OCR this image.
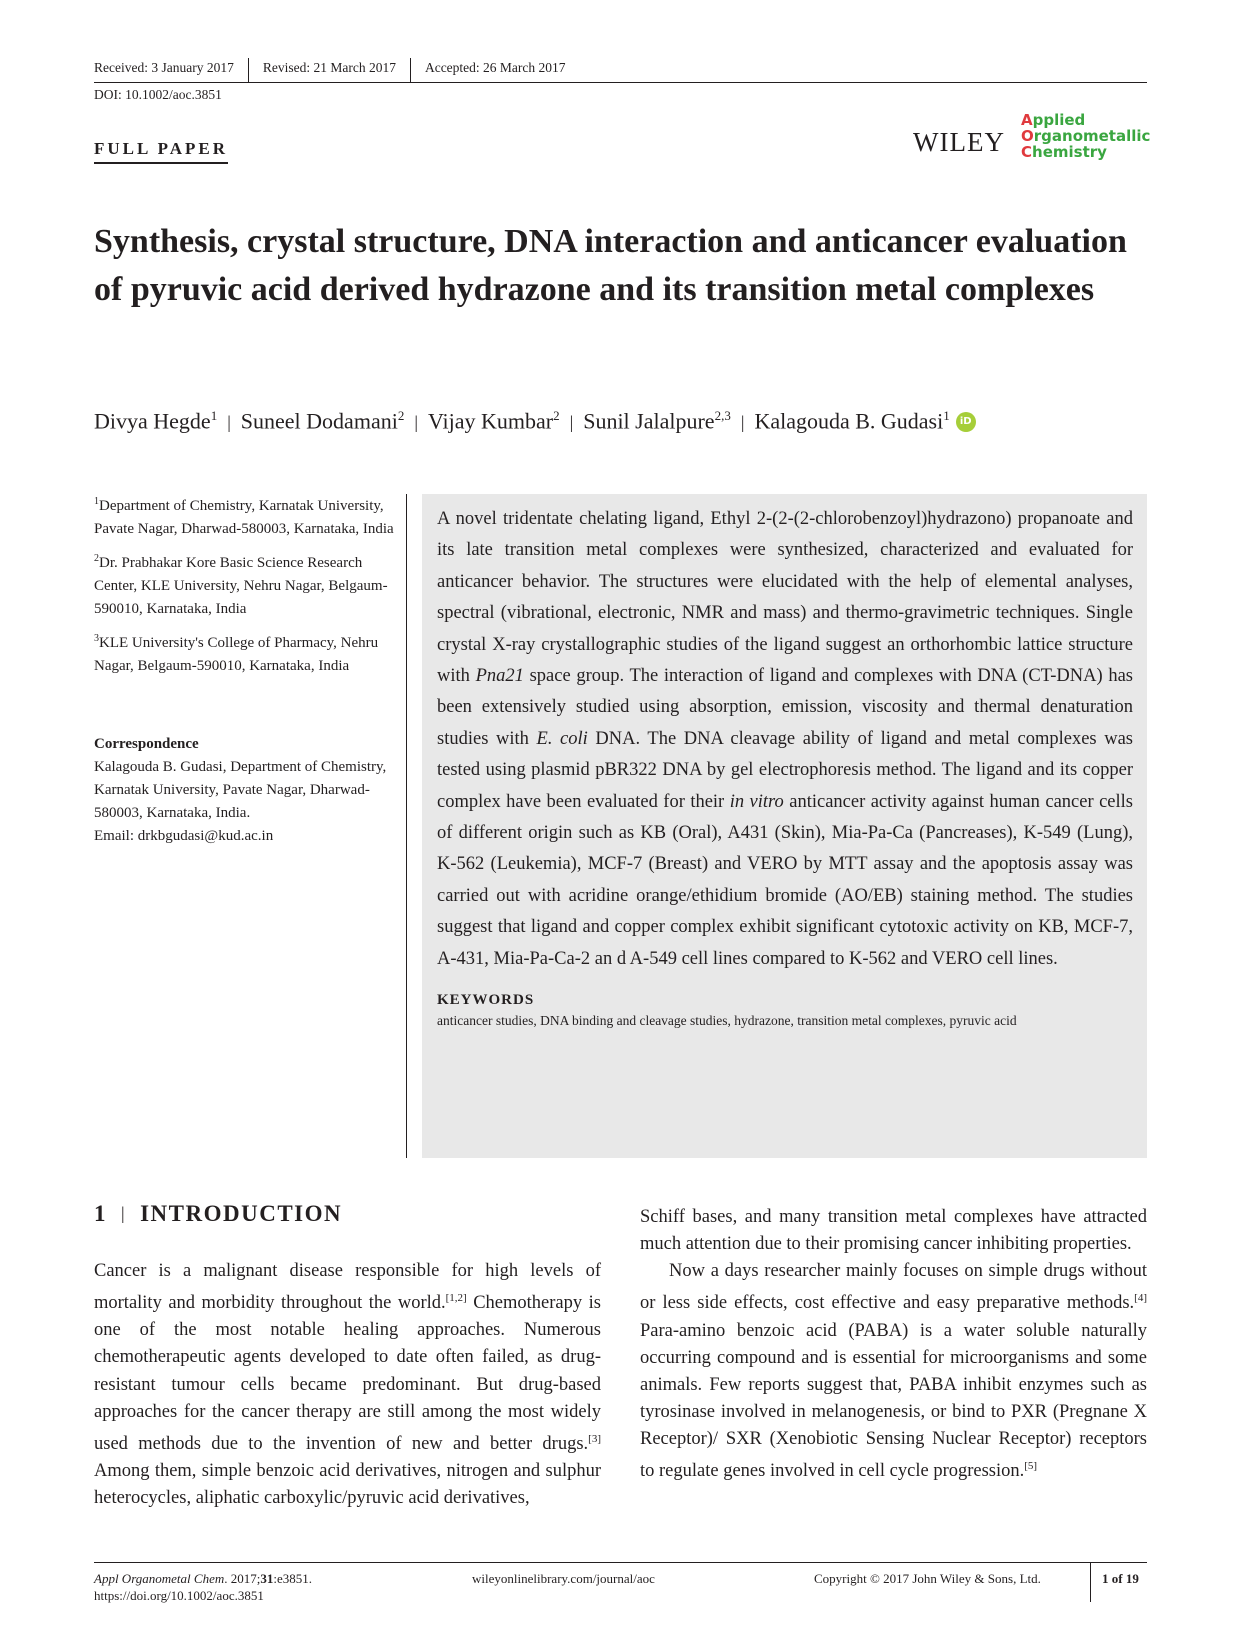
Received: 3 January 2017	Revised: 21 March 2017	Accepted: 26 March 2017
DOI: 10.1002/aoc.3851
FULL PAPER	WILEY
Applied
Organometallic
Chemistry
Synthesis, crystal structure, DNA interaction and anticancer evaluation of pyruvic acid derived hydrazone and its transition metal complexes
Divya Hegde$^1$ | Suneel Dodamani$^2$ | Vijay Kumbar$^2$ | Sunil Jalalpure$^{2,3}$ | Kalagouda B. Gudasi$^1$ iD

$^1$Department of Chemistry, Karnatak University, Pavate Nagar, Dharwad-580003, Karnataka, India

$^2$Dr. Prabhakar Kore Basic Science Research Center, KLE University, Nehru Nagar, Belgaum-590010, Karnataka, India

$^3$KLE University's College of Pharmacy, Nehru Nagar, Belgaum-590010, Karnataka, India

Correspondence
Kalagouda B. Gudasi, Department of Chemistry, Karnatak University, Pavate Nagar, Dharwad-580003, Karnataka, India.
Email: drkbgudasi@kud.ac.in
A novel tridentate chelating ligand, Ethyl 2-(2-(2-chlorobenzoyl)hydrazono) propanoate and its late transition metal complexes were synthesized, characterized and evaluated for anticancer behavior. The structures were elucidated with the help of elemental analyses, spectral (vibrational, electronic, NMR and mass) and thermo-gravimetric techniques. Single crystal X-ray crystallographic studies of the ligand suggest an orthorhombic lattice structure with Pna21 space group. The interaction of ligand and complexes with DNA (CT-DNA) has been extensively studied using absorption, emission, viscosity and thermal denaturation studies with E. coli DNA. The DNA cleavage ability of ligand and metal complexes was tested using plasmid pBR322 DNA by gel electrophoresis method. The ligand and its copper complex have been evaluated for their in vitro anticancer activity against human cancer cells of different origin such as KB (Oral), A431 (Skin), Mia-Pa-Ca (Pancreases), K-549 (Lung), K-562 (Leukemia), MCF-7 (Breast) and VERO by MTT assay and the apoptosis assay was carried out with acridine orange/ethidium bromide (AO/EB) staining method. The studies suggest that ligand and copper complex exhibit significant cytotoxic activity on KB, MCF-7, A-431, Mia-Pa-Ca-2 an d A-549 cell lines compared to K-562 and VERO cell lines.
KEYWORDS
anticancer studies, DNA binding and cleavage studies, hydrazone, transition metal complexes, pyruvic acid
1 | INTRODUCTION

Cancer is a malignant disease responsible for high levels of mortality and morbidity throughout the world.[1,2] Chemotherapy is one of the most notable healing approaches. Numerous chemotherapeutic agents developed to date often failed, as drug-resistant tumour cells became predominant. But drug-based approaches for the cancer therapy are still among the most widely used methods due to the invention of new and better drugs.[3] Among them, simple benzoic acid derivatives, nitrogen and sulphur heterocycles, aliphatic carboxylic/pyruvic acid derivatives,

Schiff bases, and many transition metal complexes have attracted much attention due to their promising cancer inhibiting properties.

Now a days researcher mainly focuses on simple drugs without or less side effects, cost effective and easy preparative methods.[4] Para-amino benzoic acid (PABA) is a water soluble naturally occurring compound and is essential for microorganisms and some animals. Few reports suggest that, PABA inhibit enzymes such as tyrosinase involved in melanogenesis, or bind to PXR (Pregnane X Receptor)/ SXR (Xenobiotic Sensing Nuclear Receptor) receptors to regulate genes involved in cell cycle progression.[5]

Appl Organometal Chem. 2017;31:e3851.
https://doi.org/10.1002/aoc.3851
wileyonlinelibrary.com/journal/aoc	Copyright © 2017 John Wiley & Sons, Ltd.	1 of 19
